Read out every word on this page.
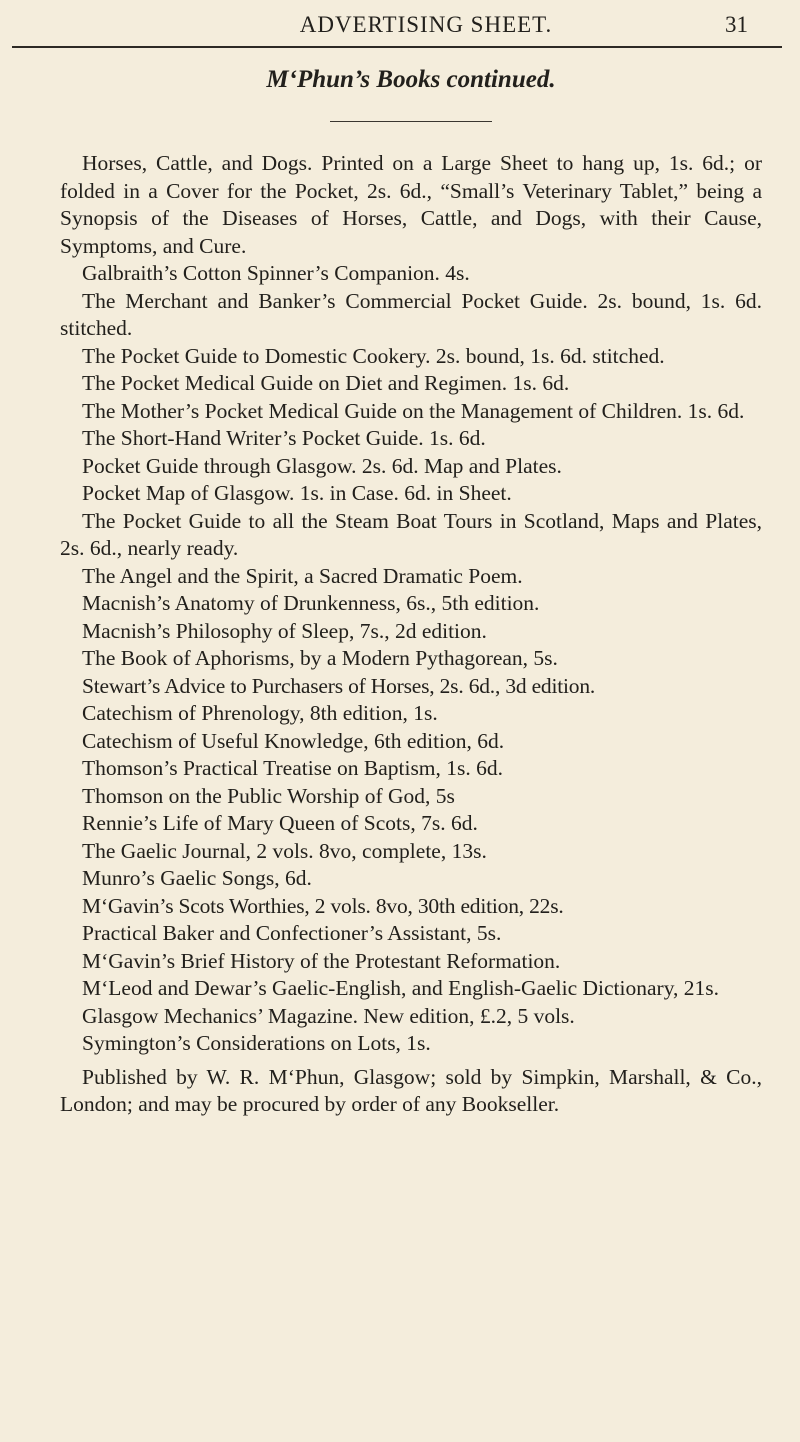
ADVERTISING SHEET.	31
M‘Phun’s Books continued.

Horses, Cattle, and Dogs. Printed on a Large Sheet to hang up, 1s. 6d.; or folded in a Cover for the Pocket, 2s. 6d., “Small’s Veterinary Tablet,” being a Synopsis of the Diseases of Horses, Cattle, and Dogs, with their Cause, Symptoms, and Cure.

Galbraith’s Cotton Spinner’s Companion. 4s.

The Merchant and Banker’s Commercial Pocket Guide. 2s. bound, 1s. 6d. stitched.

The Pocket Guide to Domestic Cookery. 2s. bound, 1s. 6d. stitched.

The Pocket Medical Guide on Diet and Regimen. 1s. 6d.

The Mother’s Pocket Medical Guide on the Management of Children. 1s. 6d.

The Short-Hand Writer’s Pocket Guide. 1s. 6d.

Pocket Guide through Glasgow. 2s. 6d. Map and Plates.

Pocket Map of Glasgow. 1s. in Case. 6d. in Sheet.

The Pocket Guide to all the Steam Boat Tours in Scotland, Maps and Plates, 2s. 6d., nearly ready.

The Angel and the Spirit, a Sacred Dramatic Poem.

Macnish’s Anatomy of Drunkenness, 6s., 5th edition.

Macnish’s Philosophy of Sleep, 7s., 2d edition.

The Book of Aphorisms, by a Modern Pythagorean, 5s.

Stewart’s Advice to Purchasers of Horses, 2s. 6d., 3d edition.

Catechism of Phrenology, 8th edition, 1s.

Catechism of Useful Knowledge, 6th edition, 6d.

Thomson’s Practical Treatise on Baptism, 1s. 6d.

Thomson on the Public Worship of God, 5s

Rennie’s Life of Mary Queen of Scots, 7s. 6d.

The Gaelic Journal, 2 vols. 8vo, complete, 13s.

Munro’s Gaelic Songs, 6d.

M‘Gavin’s Scots Worthies, 2 vols. 8vo, 30th edition, 22s.

Practical Baker and Confectioner’s Assistant, 5s.

M‘Gavin’s Brief History of the Protestant Reformation.

M‘Leod and Dewar’s Gaelic-English, and English-Gaelic Dictionary, 21s.

Glasgow Mechanics’ Magazine. New edition, £.2, 5 vols.

Symington’s Considerations on Lots, 1s.

Published by W. R. M‘Phun, Glasgow; sold by Simpkin, Marshall, & Co., London; and may be procured by order of any Bookseller.
